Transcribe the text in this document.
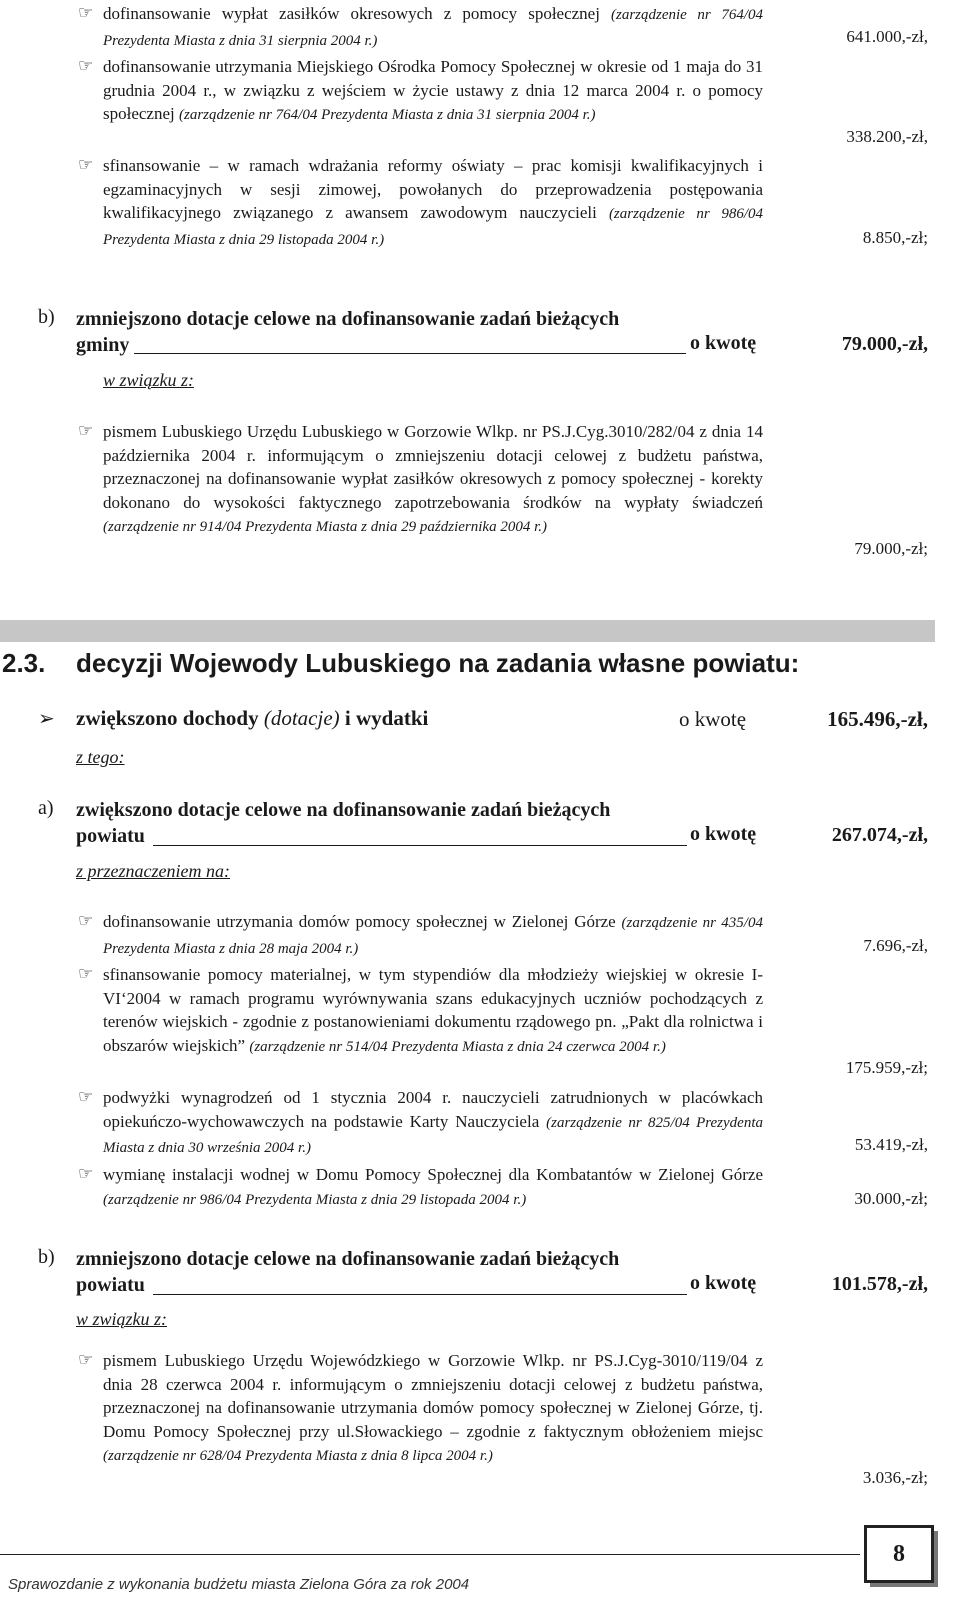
☞ dofinansowanie wypłat zasiłków okresowych z pomocy społecznej (zarządzenie nr 764/04 Prezydenta Miasta z dnia 31 sierpnia 2004 r.)	641.000,-zł,
☞ dofinansowanie utrzymania Miejskiego Ośrodka Pomocy Społecznej w okresie od 1 maja do 31 grudnia 2004 r., w związku z wejściem w życie ustawy z dnia 12 marca 2004 r. o pomocy społecznej (zarządzenie nr 764/04 Prezydenta Miasta z dnia 31 sierpnia 2004 r.)
338.200,-zł,
☞ sfinansowanie – w ramach wdrażania reformy oświaty – prac komisji kwalifikacyjnych i egzaminacyjnych w sesji zimowej, powołanych do przeprowadzenia postępowania kwalifikacyjnego związanego z awansem zawodowym nauczycieli (zarządzenie nr 986/04 Prezydenta Miasta z dnia 29 listopada 2004 r.)	8.850,-zł;
b) zmniejszono dotacje celowe na dofinansowanie zadań bieżących
gminy	o kwotę	79.000,-zł,
w związku z:
☞ pismem Lubuskiego Urzędu Lubuskiego w Gorzowie Wlkp. nr PS.J.Cyg.3010/282/04 z dnia 14 października 2004 r. informującym o zmniejszeniu dotacji celowej z budżetu państwa, przeznaczonej na dofinansowanie wypłat zasiłków okresowych z pomocy społecznej - korekty dokonano do wysokości faktycznego zapotrzebowania środków na wypłaty świadczeń (zarządzenie nr 914/04 Prezydenta Miasta z dnia 29 października 2004 r.)
79.000,-zł;
2.3. decyzji Wojewody Lubuskiego na zadania własne powiatu:
➢ zwiększono dochody (dotacje) i wydatki	o kwotę	165.496,-zł,
z tego:
a) zwiększono dotacje celowe na dofinansowanie zadań bieżących
powiatu	o kwotę	267.074,-zł,
z przeznaczeniem na:
☞ dofinansowanie utrzymania domów pomocy społecznej w Zielonej Górze (zarządzenie nr 435/04 Prezydenta Miasta z dnia 28 maja 2004 r.)	7.696,-zł,
☞ sfinansowanie pomocy materialnej, w tym stypendiów dla młodzieży wiejskiej w okresie I-VI‘2004 w ramach programu wyrównywania szans edukacyjnych uczniów pochodzących z terenów wiejskich - zgodnie z postanowieniami dokumentu rządowego pn. „Pakt dla rolnictwa i obszarów wiejskich” (zarządzenie nr 514/04 Prezydenta Miasta z dnia 24 czerwca 2004 r.)
175.959,-zł;
☞ podwyżki wynagrodzeń od 1 stycznia 2004 r. nauczycieli zatrudnionych w placówkach opiekuńczo-wychowawczych na podstawie Karty Nauczyciela (zarządzenie nr 825/04 Prezydenta Miasta z dnia 30 września 2004 r.)	53.419,-zł,
☞ wymianę instalacji wodnej w Domu Pomocy Społecznej dla Kombatantów w Zielonej Górze (zarządzenie nr 986/04 Prezydenta Miasta z dnia 29 listopada 2004 r.)	30.000,-zł;
b) zmniejszono dotacje celowe na dofinansowanie zadań bieżących
powiatu	o kwotę	101.578,-zł,
w związku z:
☞ pismem Lubuskiego Urzędu Wojewódzkiego w Gorzowie Wlkp. nr PS.J.Cyg-3010/119/04 z dnia 28 czerwca 2004 r. informującym o zmniejszeniu dotacji celowej z budżetu państwa, przeznaczonej na dofinansowanie utrzymania domów pomocy społecznej w Zielonej Górze, tj. Domu Pomocy Społecznej przy ul.Słowackiego – zgodnie z faktycznym obłożeniem miejsc (zarządzenie nr 628/04 Prezydenta Miasta z dnia 8 lipca 2004 r.)
3.036,-zł;
Sprawozdanie z wykonania budżetu miasta Zielona Góra za rok 2004
8
